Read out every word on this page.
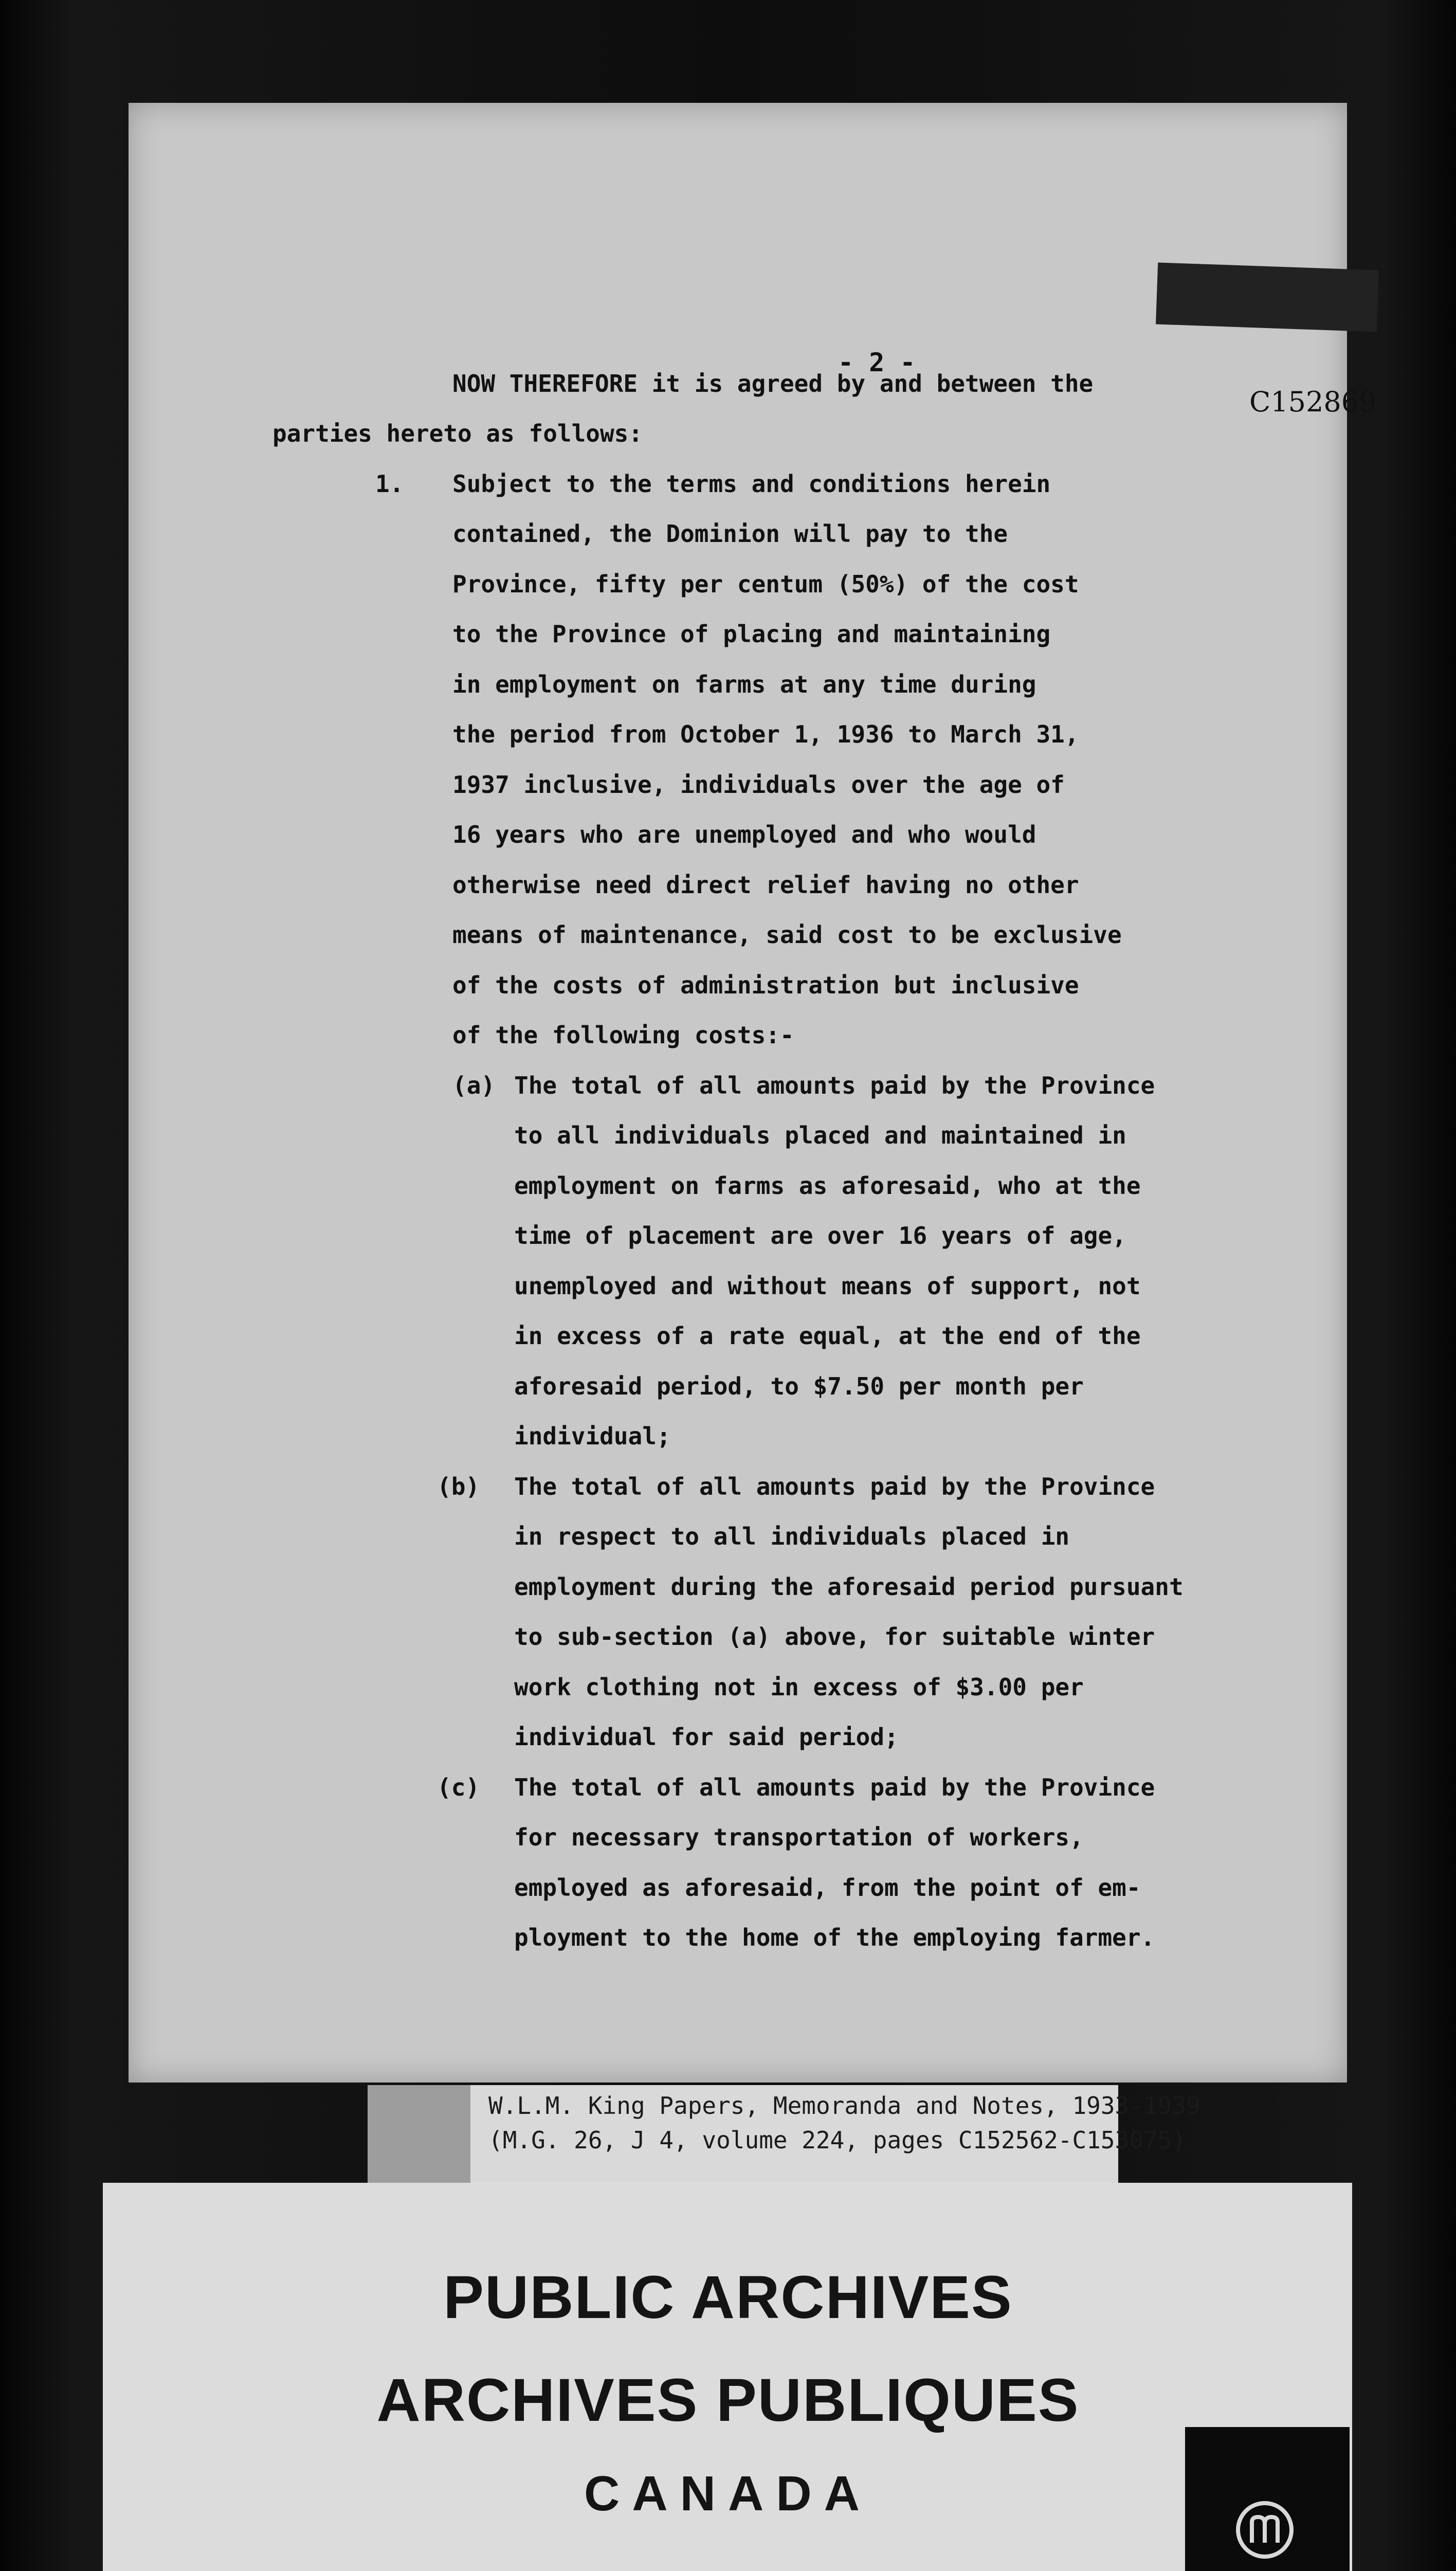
- 2 -
C152869
NOW THEREFORE it is agreed by and between the
parties hereto as follows:
1. Subject to the terms and conditions herein
contained, the Dominion will pay to the
Province, fifty per centum (50%) of the cost
to the Province of placing and maintaining
in employment on farms at any time during
the period from October 1, 1936 to March 31,
1937 inclusive, individuals over the age of
16 years who are unemployed and who would
otherwise need direct relief having no other
means of maintenance, said cost to be exclusive
of the costs of administration but inclusive
of the following costs:-
(a) The total of all amounts paid by the Province
to all individuals placed and maintained in
employment on farms as aforesaid, who at the
time of placement are over 16 years of age,
unemployed and without means of support, not
in excess of a rate equal, at the end of the
aforesaid period, to $7.50 per month per
individual;
(b) The total of all amounts paid by the Province
in respect to all individuals placed in
employment during the aforesaid period pursuant
to sub-section (a) above, for suitable winter
work clothing not in excess of $3.00 per
individual for said period;
(c) The total of all amounts paid by the Province
for necessary transportation of workers,
employed as aforesaid, from the point of em-
ployment to the home of the employing farmer.
W.L.M. King Papers, Memoranda and Notes, 1933-1939
(M.G. 26, J 4, volume 224, pages C152562-C153075)
PUBLIC ARCHIVES
ARCHIVES PUBLIQUES
CANADA
